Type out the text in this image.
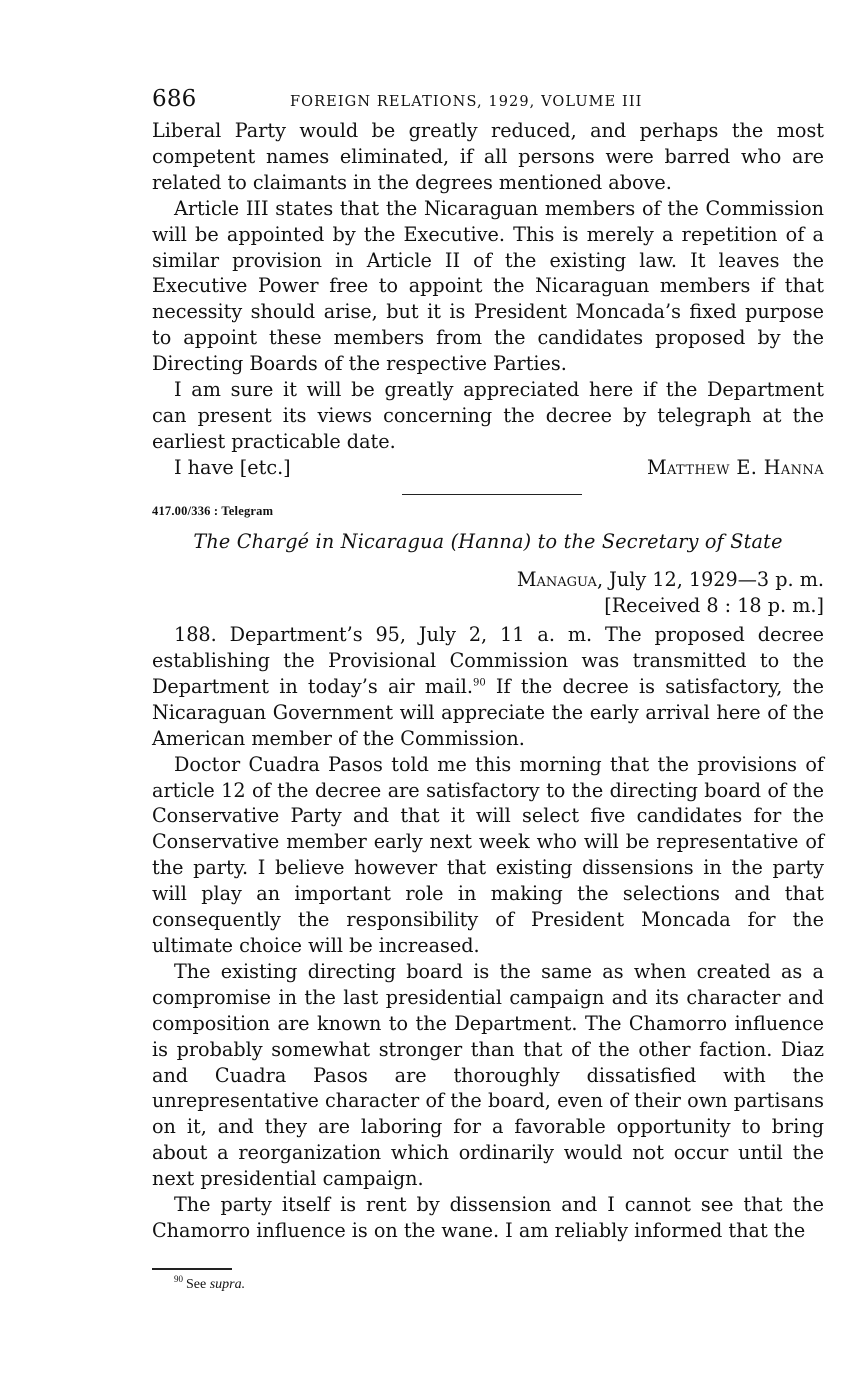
686	FOREIGN RELATIONS, 1929, VOLUME III

Liberal Party would be greatly reduced, and perhaps the most competent names eliminated, if all persons were barred who are related to claimants in the degrees mentioned above.

Article III states that the Nicaraguan members of the Commission will be appointed by the Executive. This is merely a repetition of a similar provision in Article II of the existing law. It leaves the Executive Power free to appoint the Nicaraguan members if that necessity should arise, but it is President Moncada’s fixed purpose to appoint these members from the candidates proposed by the Directing Boards of the respective Parties.

I am sure it will be greatly appreciated here if the Department can present its views concerning the decree by telegraph at the earliest practicable date.

I have [etc.]	Matthew E. Hanna
417.00/336 : Telegram
The Chargé in Nicaragua (Hanna) to the Secretary of State
Managua, July 12, 1929—3 p. m.
[Received 8 : 18 p. m.]

188. Department’s 95, July 2, 11 a. m. The proposed decree establishing the Provisional Commission was transmitted to the Department in today’s air mail.$^{90}$ If the decree is satisfactory, the Nicaraguan Government will appreciate the early arrival here of the American member of the Commission.

Doctor Cuadra Pasos told me this morning that the provisions of article 12 of the decree are satisfactory to the directing board of the Conservative Party and that it will select five candidates for the Conservative member early next week who will be representative of the party. I believe however that existing dissensions in the party will play an important role in making the selections and that consequently the responsibility of President Moncada for the ultimate choice will be increased.

The existing directing board is the same as when created as a compromise in the last presidential campaign and its character and composition are known to the Department. The Chamorro influence is probably somewhat stronger than that of the other faction. Diaz and Cuadra Pasos are thoroughly dissatisfied with the unrepresentative character of the board, even of their own partisans on it, and they are laboring for a favorable opportunity to bring about a reorganization which ordinarily would not occur until the next presidential campaign.

The party itself is rent by dissension and I cannot see that the Chamorro influence is on the wane. I am reliably informed that the

$^{90}$ See supra.
